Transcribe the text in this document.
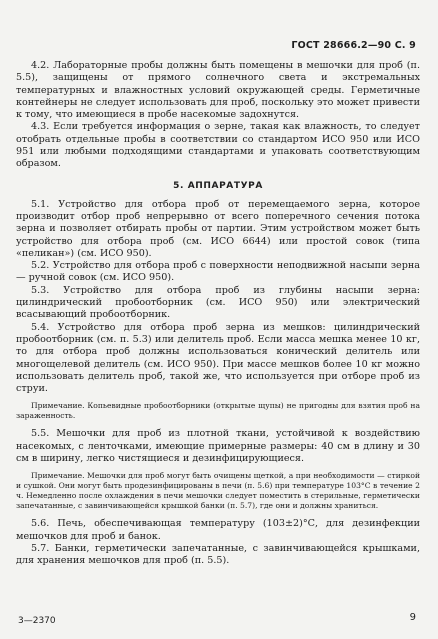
ГОСТ 28666.2—90 С. 9

4.2. Лабораторные пробы должны быть помещены в мешочки для проб (п. 5.5), защищены от прямого солнечного света и экстремальных температурных и влажностных условий окружающей среды. Герметичные контейнеры не следует использовать для проб, поскольку это может привести к тому, что имеющиеся в пробе насекомые задохнутся.

4.3. Если требуется информация о зерне, такая как влажность, то следует отобрать отдельные пробы в соответствии со стандартом ИСО 950 или ИСО 951 или любыми подходящими стандартами и упаковать соответствующим образом.

5. АППАРАТУРА

5.1. Устройство для отбора проб от перемещаемого зерна, которое производит отбор проб непрерывно от всего поперечного сечения потока зерна и позволяет отбирать пробы от партии. Этим устройством может быть устройство для отбора проб (см. ИСО 6644) или простой совок (типа «пеликан») (см. ИСО 950).

5.2. Устройство для отбора проб с поверхности неподвижной насыпи зерна — ручной совок (см. ИСО 950).

5.3. Устройство для отбора проб из глубины насыпи зерна: цилиндрический пробоотборник (см. ИСО 950) или электрический всасывающий пробоотборник.

5.4. Устройство для отбора проб зерна из мешков: цилиндрический пробоотборник (см. п. 5.3) или делитель проб. Если масса мешка менее 10 кг, то для отбора проб должны использоваться конический делитель или многощелевой делитель (см. ИСО 950). При массе мешков более 10 кг можно использовать делитель проб, такой же, что используется при отборе проб из струи.

Примечание. Копьевидные пробоотборники (открытые щупы) не пригодны для взятия проб на зараженность.

5.5. Мешочки для проб из плотной ткани, устойчивой к воздействию насекомых, с ленточками, имеющие примерные размеры: 40 см в длину и 30 см в ширину, легко чистящиеся и дезинфицирующиеся.

Примечание. Мешочки для проб могут быть очищены щеткой, а при необходимости — стиркой и сушкой. Они могут быть продезинфицированы в печи (п. 5.6) при температуре 103°С в течение 2 ч. Немедленно после охлаждения в печи мешочки следует поместить в стерильные, герметически запечатанные, с завинчивающейся крышкой банки (п. 5.7), где они и должны храниться.

5.6. Печь, обеспечивающая температуру (103±2)°С, для дезинфекции мешочков для проб и банок.

5.7. Банки, герметически запечатанные, с завинчивающейся крышками, для хранения мешочков для проб (п. 5.5).

3—2370	9
